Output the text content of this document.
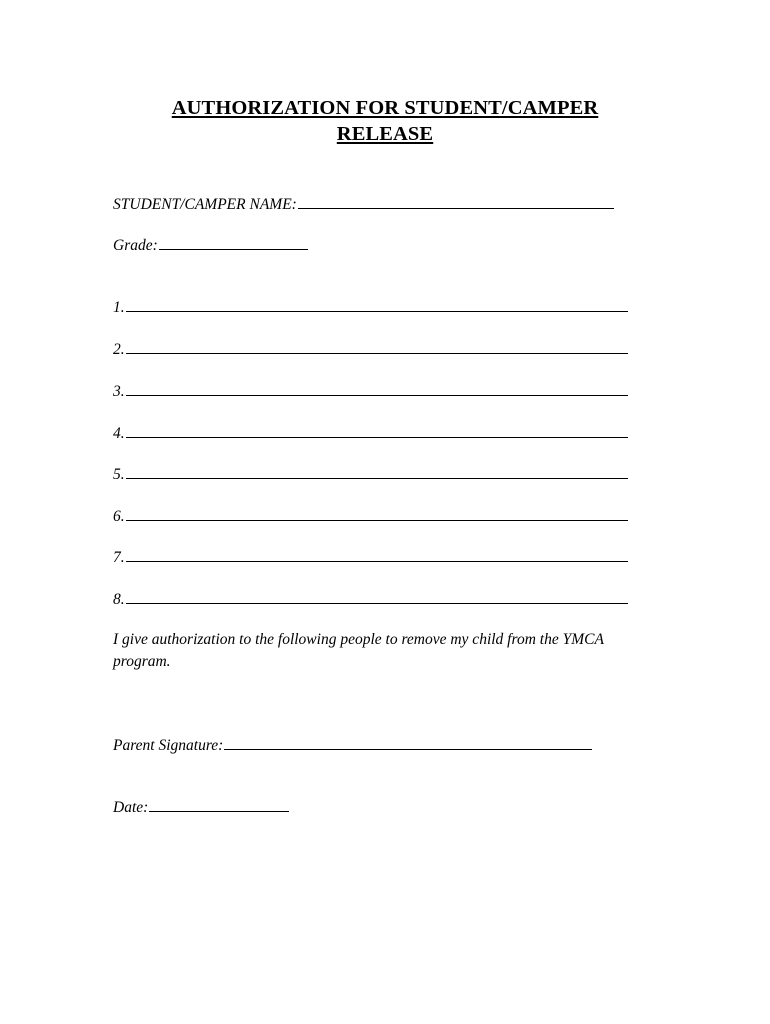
AUTHORIZATION FOR STUDENT/CAMPER
RELEASE
STUDENT/CAMPER NAME:
Grade:
1.
2.
3.
4.
5.
6.
7.
8.
I give authorization to the following people to remove my child from the YMCA program.
Parent Signature:
Date:
